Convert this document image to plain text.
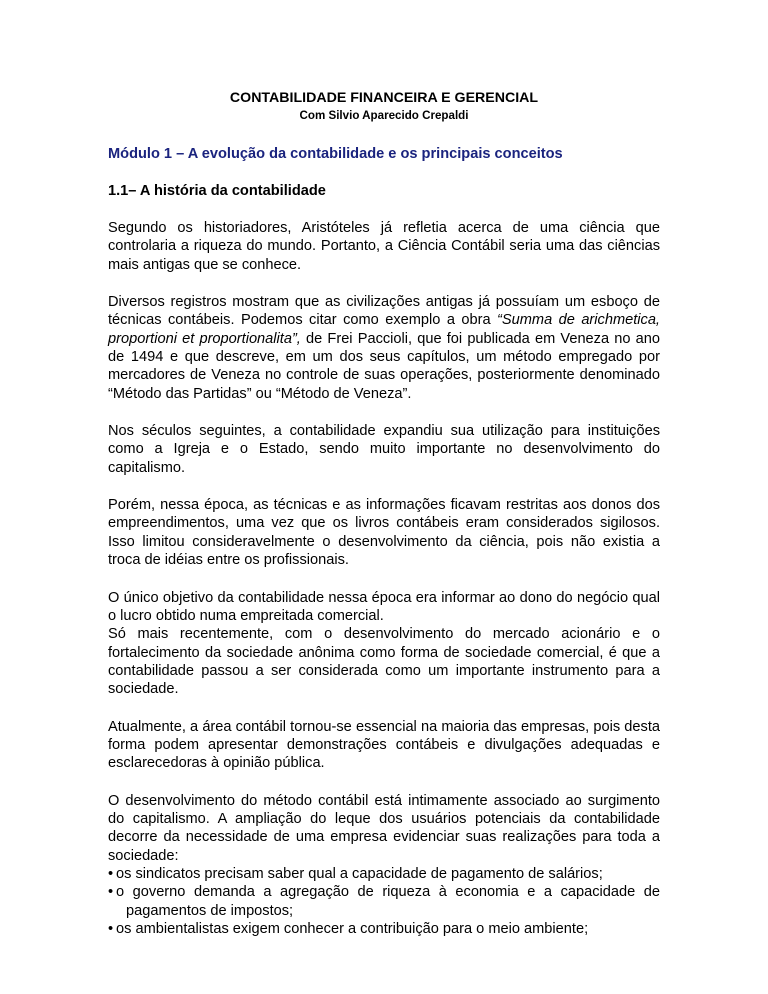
CONTABILIDADE FINANCEIRA E GERENCIAL

Com Silvio Aparecido Crepaldi

Módulo 1 – A evolução da contabilidade e os principais conceitos
1.1– A história da contabilidade

Segundo os historiadores, Aristóteles já refletia acerca de uma ciência que controlaria a riqueza do mundo. Portanto, a Ciência Contábil seria uma das ciências mais antigas que se conhece.

Diversos registros mostram que as civilizações antigas já possuíam um esboço de técnicas contábeis. Podemos citar como exemplo a obra “Summa de arichmetica, proportioni et proportionalita”, de Frei Paccioli, que foi publicada em Veneza no ano de 1494 e que descreve, em um dos seus capítulos, um método empregado por mercadores de Veneza no controle de suas operações, posteriormente denominado “Método das Partidas” ou “Método de Veneza”.

Nos séculos seguintes, a contabilidade expandiu sua utilização para instituições como a Igreja e o Estado, sendo muito importante no desenvolvimento do capitalismo.

Porém, nessa época, as técnicas e as informações ficavam restritas aos donos dos empreendimentos, uma vez que os livros contábeis eram considerados sigilosos. Isso limitou consideravelmente o desenvolvimento da ciência, pois não existia a troca de idéias entre os profissionais.

O único objetivo da contabilidade nessa época era informar ao dono do negócio qual o lucro obtido numa empreitada comercial.

Só mais recentemente, com o desenvolvimento do mercado acionário e o fortalecimento da sociedade anônima como forma de sociedade comercial, é que a contabilidade passou a ser considerada como um importante instrumento para a sociedade.

Atualmente, a área contábil tornou-se essencial na maioria das empresas, pois desta forma podem apresentar demonstrações contábeis e divulgações adequadas e esclarecedoras à opinião pública.

O desenvolvimento do método contábil está intimamente associado ao surgimento do capitalismo. A ampliação do leque dos usuários potenciais da contabilidade decorre da necessidade de uma empresa evidenciar suas realizações para toda a sociedade:

• os sindicatos precisam saber qual a capacidade de pagamento de salários;
• o governo demanda a agregação de riqueza à economia e a capacidade de pagamentos de impostos;
• os ambientalistas exigem conhecer a contribuição para o meio ambiente;
